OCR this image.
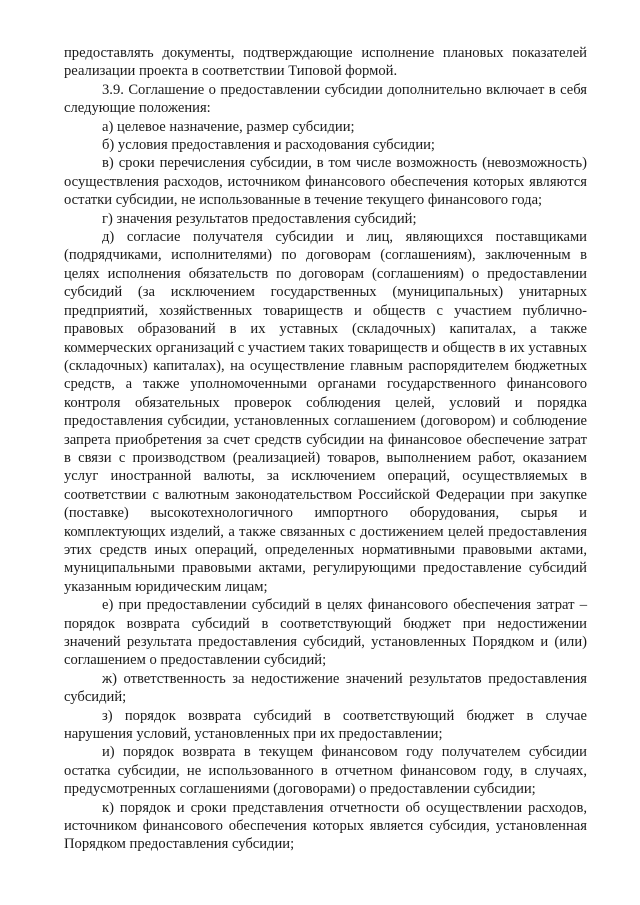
предоставлять документы, подтверждающие исполнение плановых показателей реализации проекта в соответствии Типовой формой.

3.9. Соглашение о предоставлении субсидии дополнительно включает в себя следующие положения:

а) целевое назначение, размер субсидии;

б) условия предоставления и расходования субсидии;

в) сроки перечисления субсидии, в том числе возможность (невозможность) осуществления расходов, источником финансового обеспечения которых являются остатки субсидии, не использованные в течение текущего финансового года;

г) значения результатов предоставления субсидий;

д) согласие получателя субсидии и лиц, являющихся поставщиками (подрядчиками, исполнителями) по договорам (соглашениям), заключенным в целях исполнения обязательств по договорам (соглашениям) о предоставлении субсидий (за исключением государственных (муниципальных) унитарных предприятий, хозяйственных товариществ и обществ с участием публично-правовых образований в их уставных (складочных) капиталах, а также коммерческих организаций с участием таких товариществ и обществ в их уставных (складочных) капиталах), на осуществление главным распорядителем бюджетных средств, а также уполномоченными органами государственного финансового контроля обязательных проверок соблюдения целей, условий и порядка предоставления субсидии, установленных соглашением (договором) и соблюдение запрета приобретения за счет средств субсидии на финансовое обеспечение затрат в связи с производством (реализацией) товаров, выполнением работ, оказанием услуг иностранной валюты, за исключением операций, осуществляемых в соответствии с валютным законодательством Российской Федерации при закупке (поставке) высокотехнологичного импортного оборудования, сырья и комплектующих изделий, а также связанных с достижением целей предоставления этих средств иных операций, определенных нормативными правовыми актами, муниципальными правовыми актами, регулирующими предоставление субсидий указанным юридическим лицам;

е) при предоставлении субсидий в целях финансового обеспечения затрат – порядок возврата субсидий в соответствующий бюджет при недостижении значений результата предоставления субсидий, установленных Порядком и (или) соглашением о предоставлении субсидий;

ж) ответственность за недостижение значений результатов предоставления субсидий;

з) порядок возврата субсидий в соответствующий бюджет в случае нарушения условий, установленных при их предоставлении;

и) порядок возврата в текущем финансовом году получателем субсидии остатка субсидии, не использованного в отчетном финансовом году, в случаях, предусмотренных соглашениями (договорами) о предоставлении субсидии;

к) порядок и сроки представления отчетности об осуществлении расходов, источником финансового обеспечения которых является субсидия, установленная Порядком предоставления субсидии;
